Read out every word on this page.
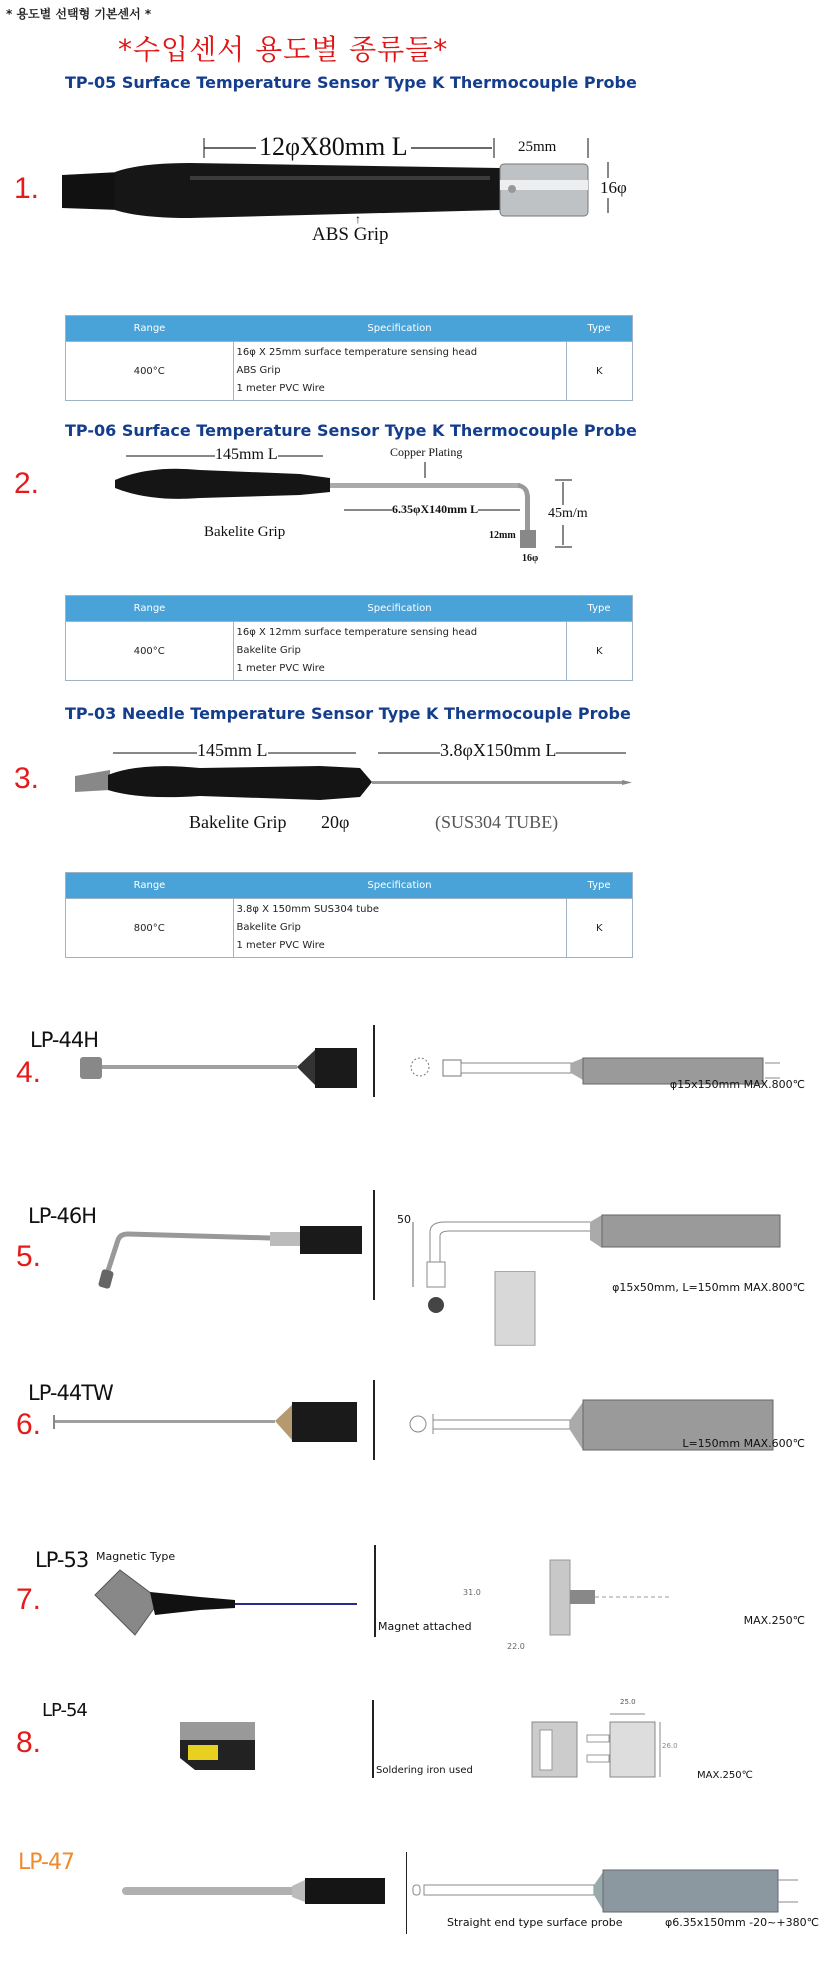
* 용도별 선택형 기본센서 *
*수입센서 용도별 종류들*
TP-05 Surface Temperature Sensor Type K Thermocouple Probe
1.
12φX80mm L	25mm
16φ
↑
ABS Grip
Range	Specification	Type
400°C	16φ X 25mm surface temperature sensing head
ABS Grip
1 meter PVC Wire	K
TP-06 Surface Temperature Sensor Type K Thermocouple Probe
2.
145mm L	Copper Plating
6.35φX140mm L	45m/m
Bakelite Grip	12mm
16φ
Range	Specification	Type
400°C	16φ X 12mm surface temperature sensing head
Bakelite Grip
1 meter PVC Wire	K
TP-03 Needle Temperature Sensor Type K Thermocouple Probe
3.
145mm L	3.8φX150mm L
Bakelite Grip 20φ	(SUS304 TUBE)
Range	Specification	Type
800°C	3.8φ X 150mm SUS304 tube
Bakelite Grip
1 meter PVC Wire	K
LP-44H
4.	φ15x150mm MAX.800℃
LP-46H
5.
50
φ15x50mm, L=150mm MAX.800℃
LP-44TW
6.
L=150mm MAX.600℃
LP-53 Magnetic Type
7.	31.0
22.0
Magnet attached	MAX.250℃
LP-54
8.
25.0
26.0
Soldering iron used	MAX.250℃
LP-47
Straight end type surface probe	φ6.35x150mm -20~+380℃
